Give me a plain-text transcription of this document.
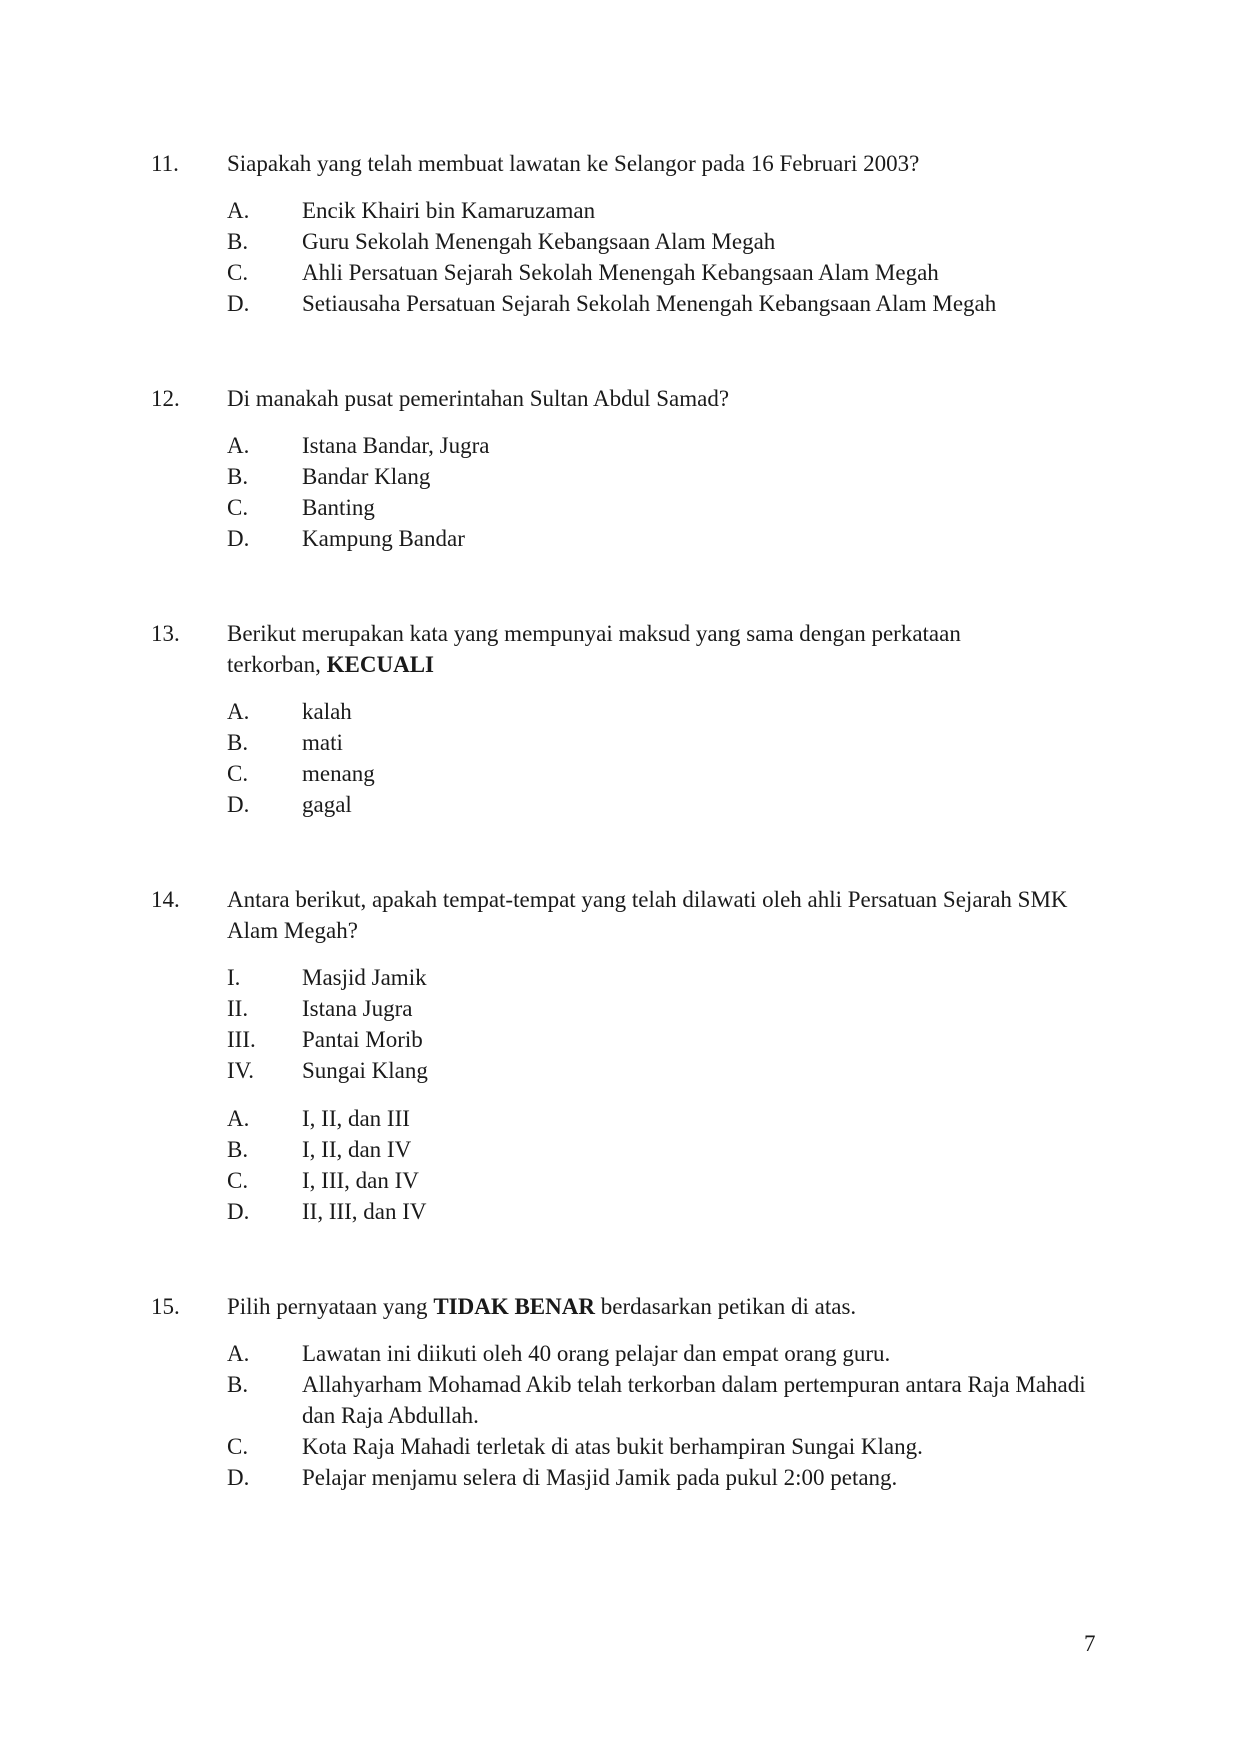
11. Siapakah yang telah membuat lawatan ke Selangor pada 16 Februari 2003?
A. Encik Khairi bin Kamaruzaman
B. Guru Sekolah Menengah Kebangsaan Alam Megah
C. Ahli Persatuan Sejarah Sekolah Menengah Kebangsaan Alam Megah
D. Setiausaha Persatuan Sejarah Sekolah Menengah Kebangsaan Alam Megah
12. Di manakah pusat pemerintahan Sultan Abdul Samad?
A. Istana Bandar, Jugra
B. Bandar Klang
C. Banting
D. Kampung Bandar
13. Berikut merupakan kata yang mempunyai maksud yang sama dengan perkataan terkorban, KECUALI
A. kalah
B. mati
C. menang
D. gagal
14. Antara berikut, apakah tempat-tempat yang telah dilawati oleh ahli Persatuan Sejarah SMK Alam Megah?
I.	Masjid Jamik
II. Istana Jugra
III. Pantai Morib
IV. Sungai Klang
A. I, II, dan III
B. I, II, dan IV
C. I, III, dan IV
D. II, III, dan IV
15. Pilih pernyataan yang TIDAK BENAR berdasarkan petikan di atas.
A. Lawatan ini diikuti oleh 40 orang pelajar dan empat orang guru.
B. Allahyarham Mohamad Akib telah terkorban dalam pertempuran antara Raja Mahadi dan Raja Abdullah.
C. Kota Raja Mahadi terletak di atas bukit berhampiran Sungai Klang.
D. Pelajar menjamu selera di Masjid Jamik pada pukul 2:00 petang.
7
